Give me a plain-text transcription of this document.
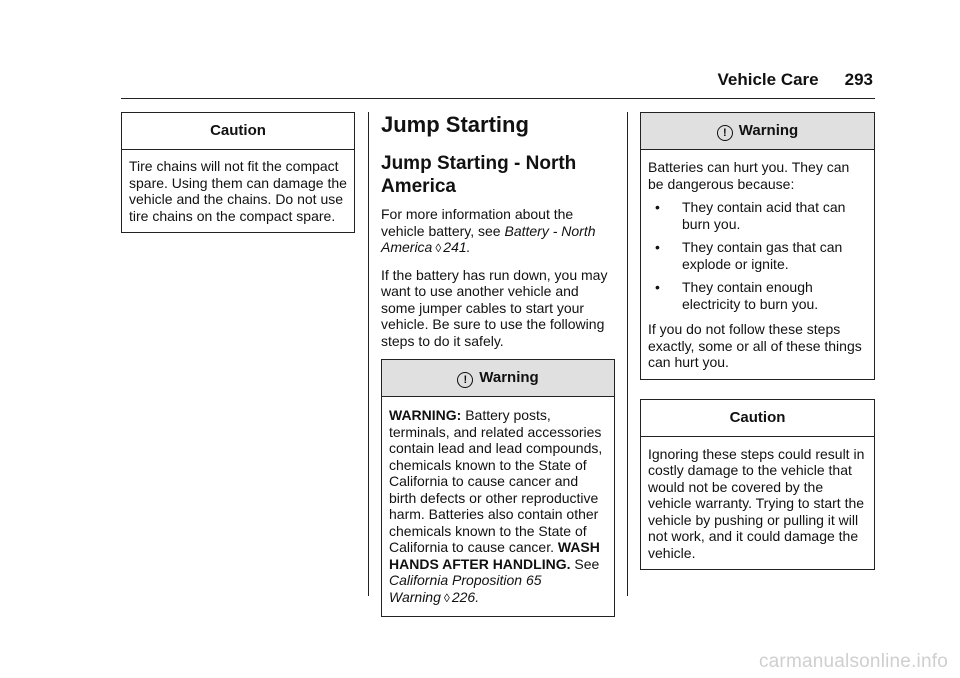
Vehicle Care 293
Caution

Tire chains will not fit the compact spare. Using them can damage the vehicle and the chains. Do not use tire chains on the compact spare.

Jump Starting
Jump Starting - North America

For more information about the vehicle battery, see Battery - North America ◊ 241.

If the battery has run down, you may want to use another vehicle and some jumper cables to start your vehicle. Be sure to use the following steps to do it safely.

! Warning

WARNING: Battery posts, terminals, and related accessories contain lead and lead compounds, chemicals known to the State of California to cause cancer and birth defects or other reproductive harm. Batteries also contain other chemicals known to the State of California to cause cancer. WASH HANDS AFTER HANDLING. See California Proposition 65 Warning ◊ 226.

! Warning

Batteries can hurt you. They can be dangerous because:

• They contain acid that can burn you.
• They contain gas that can explode or ignite.
• They contain enough electricity to burn you.

If you do not follow these steps exactly, some or all of these things can hurt you.

Caution

Ignoring these steps could result in costly damage to the vehicle that would not be covered by the vehicle warranty. Trying to start the vehicle by pushing or pulling it will not work, and it could damage the vehicle.

carmanualsonline.info
